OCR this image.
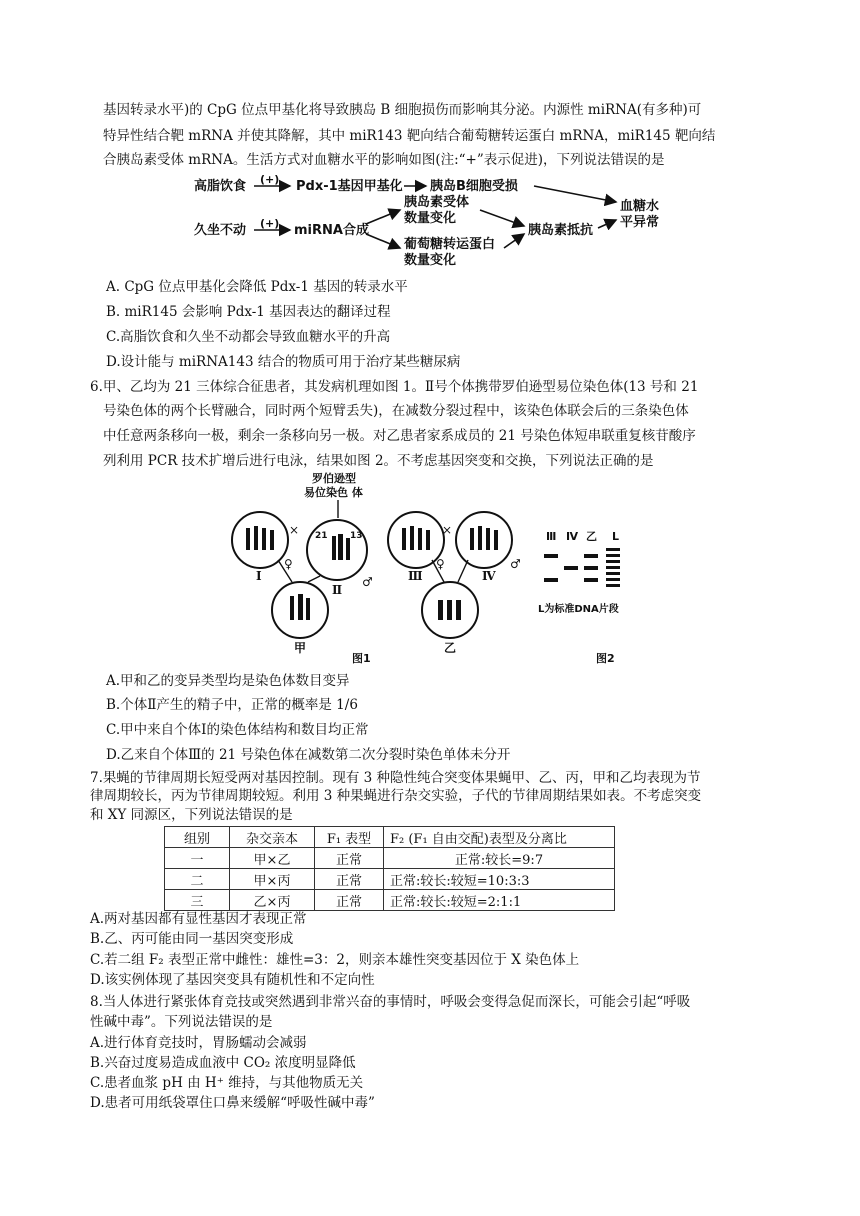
基因转录水平)的 CpG 位点甲基化将导致胰岛 B 细胞损伤而影响其分泌。内源性 miRNA(有多种)可
特异性结合靶 mRNA 并使其降解，其中 miR143 靶向结合葡萄糖转运蛋白 mRNA，miR145 靶向结
合胰岛素受体 mRNA。生活方式对血糖水平的影响如图(注:“+”表示促进)，下列说法错误的是
高脂饮食 (+) Pdx-1基因甲基化 胰岛B细胞受损
久坐不动 (+) miRNA合成
胰岛素受体
数量变化
葡萄糖转运蛋白
数量变化
胰岛素抵抗
血糖水
平异常
A. CpG 位点甲基化会降低 Pdx-1 基因的转录水平
B. miR145 会影响 Pdx-1 基因表达的翻译过程
C.高脂饮食和久坐不动都会导致血糖水平的升高
D.设计能与 miRNA143 结合的物质可用于治疗某些糖尿病
6.甲、乙均为 21 三体综合征患者，其发病机理如图 1。Ⅱ号个体携带罗伯逊型易位染色体(13 号和 21
号染色体的两个长臂融合，同时两个短臂丢失)，在减数分裂过程中，该染色体联会后的三条染色体
中任意两条移向一极，剩余一条移向另一极。对乙患者家系成员的 21 号染色体短串联重复核苷酸序
列利用 PCR 技术扩增后进行电泳，结果如图 2。不考虑基因突变和交换，下列说法正确的是
罗伯逊型
易位染色 体
21 13
×	×
♀
♂
♀	♂
Ⅰ
Ⅱ
Ⅲ	Ⅳ
甲	乙
Ⅲ Ⅳ 乙 L
L为标准DNA片段
图1	图2
A.甲和乙的变异类型均是染色体数目变异
B.个体Ⅱ产生的精子中，正常的概率是 1/6
C.甲中来自个体Ⅰ的染色体结构和数目均正常
D.乙来自个体Ⅲ的 21 号染色体在减数第二次分裂时染色单体未分开
7.果蝇的节律周期长短受两对基因控制。现有 3 种隐性纯合突变体果蝇甲、乙、丙，甲和乙均表现为节
律周期较长，丙为节律周期较短。利用 3 种果蝇进行杂交实验，子代的节律周期结果如表。不考虑突变
和 XY 同源区，下列说法错误的是
组别	杂交亲本	F₁ 表型	F₂ (F₁ 自由交配)表型及分离比
一	甲×乙	正常	正常:较长=9:7
二	甲×丙	正常	正常:较长:较短=10:3:3
三	乙×丙	正常	正常:较长:较短=2:1:1
A.两对基因都有显性基因才表现正常
B.乙、丙可能由同一基因突变形成
C.若二组 F₂ 表型正常中雌性：雄性=3：2，则亲本雄性突变基因位于 X 染色体上
D.该实例体现了基因突变具有随机性和不定向性
8.当人体进行紧张体育竞技或突然遇到非常兴奋的事情时，呼吸会变得急促而深长，可能会引起“呼吸
性碱中毒”。下列说法错误的是
A.进行体育竞技时，胃肠蠕动会减弱
B.兴奋过度易造成血液中 CO₂ 浓度明显降低
C.患者血浆 pH 由 H⁺ 维持，与其他物质无关
D.患者可用纸袋罩住口鼻来缓解“呼吸性碱中毒”
